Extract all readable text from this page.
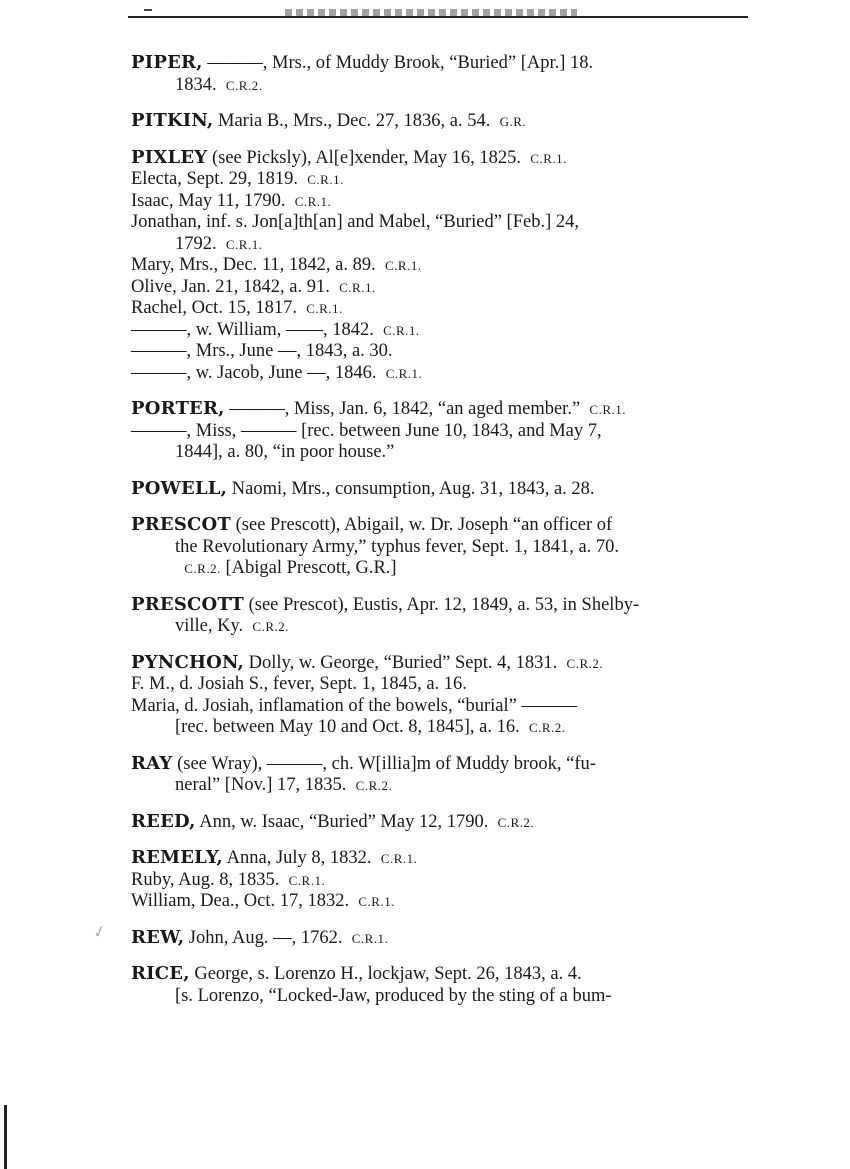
✓
PIPER, ———, Mrs., of Muddy Brook, “Buried” [Apr.] 18.
1834. C.R.2.
PITKIN, Maria B., Mrs., Dec. 27, 1836, a. 54. G.R.
PIXLEY (see Picksly), Al[e]xender, May 16, 1825. C.R.1.
Electa, Sept. 29, 1819. C.R.1.
Isaac, May 11, 1790. C.R.1.
Jonathan, inf. s. Jon[a]th[an] and Mabel, “Buried” [Feb.] 24,
1792. C.R.1.
Mary, Mrs., Dec. 11, 1842, a. 89. C.R.1.
Olive, Jan. 21, 1842, a. 91. C.R.1.
Rachel, Oct. 15, 1817. C.R.1.
———, w. William, ——, 1842. C.R.1.
———, Mrs., June —, 1843, a. 30.
———, w. Jacob, June —, 1846. C.R.1.
PORTER, ———, Miss, Jan. 6, 1842, “an aged member.” C.R.1.
———, Miss, ——— [rec. between June 10, 1843, and May 7,
1844], a. 80, “in poor house.”
POWELL, Naomi, Mrs., consumption, Aug. 31, 1843, a. 28.
PRESCOT (see Prescott), Abigail, w. Dr. Joseph “an officer of
the Revolutionary Army,” typhus fever, Sept. 1, 1841, a. 70.
C.R.2. [Abigal Prescott, G.R.]
PRESCOTT (see Prescot), Eustis, Apr. 12, 1849, a. 53, in Shelby-
ville, Ky. C.R.2.
PYNCHON, Dolly, w. George, “Buried” Sept. 4, 1831. C.R.2.
F. M., d. Josiah S., fever, Sept. 1, 1845, a. 16.
Maria, d. Josiah, inflamation of the bowels, “burial” ———
[rec. between May 10 and Oct. 8, 1845], a. 16. C.R.2.
RAY (see Wray), ———, ch. W[illia]m of Muddy brook, “fu-
neral” [Nov.] 17, 1835. C.R.2.
REED, Ann, w. Isaac, “Buried” May 12, 1790. C.R.2.
REMELY, Anna, July 8, 1832. C.R.1.
Ruby, Aug. 8, 1835. C.R.1.
William, Dea., Oct. 17, 1832. C.R.1.
REW, John, Aug. —, 1762. C.R.1.
RICE, George, s. Lorenzo H., lockjaw, Sept. 26, 1843, a. 4.
[s. Lorenzo, “Locked-Jaw, produced by the sting of a bum-
